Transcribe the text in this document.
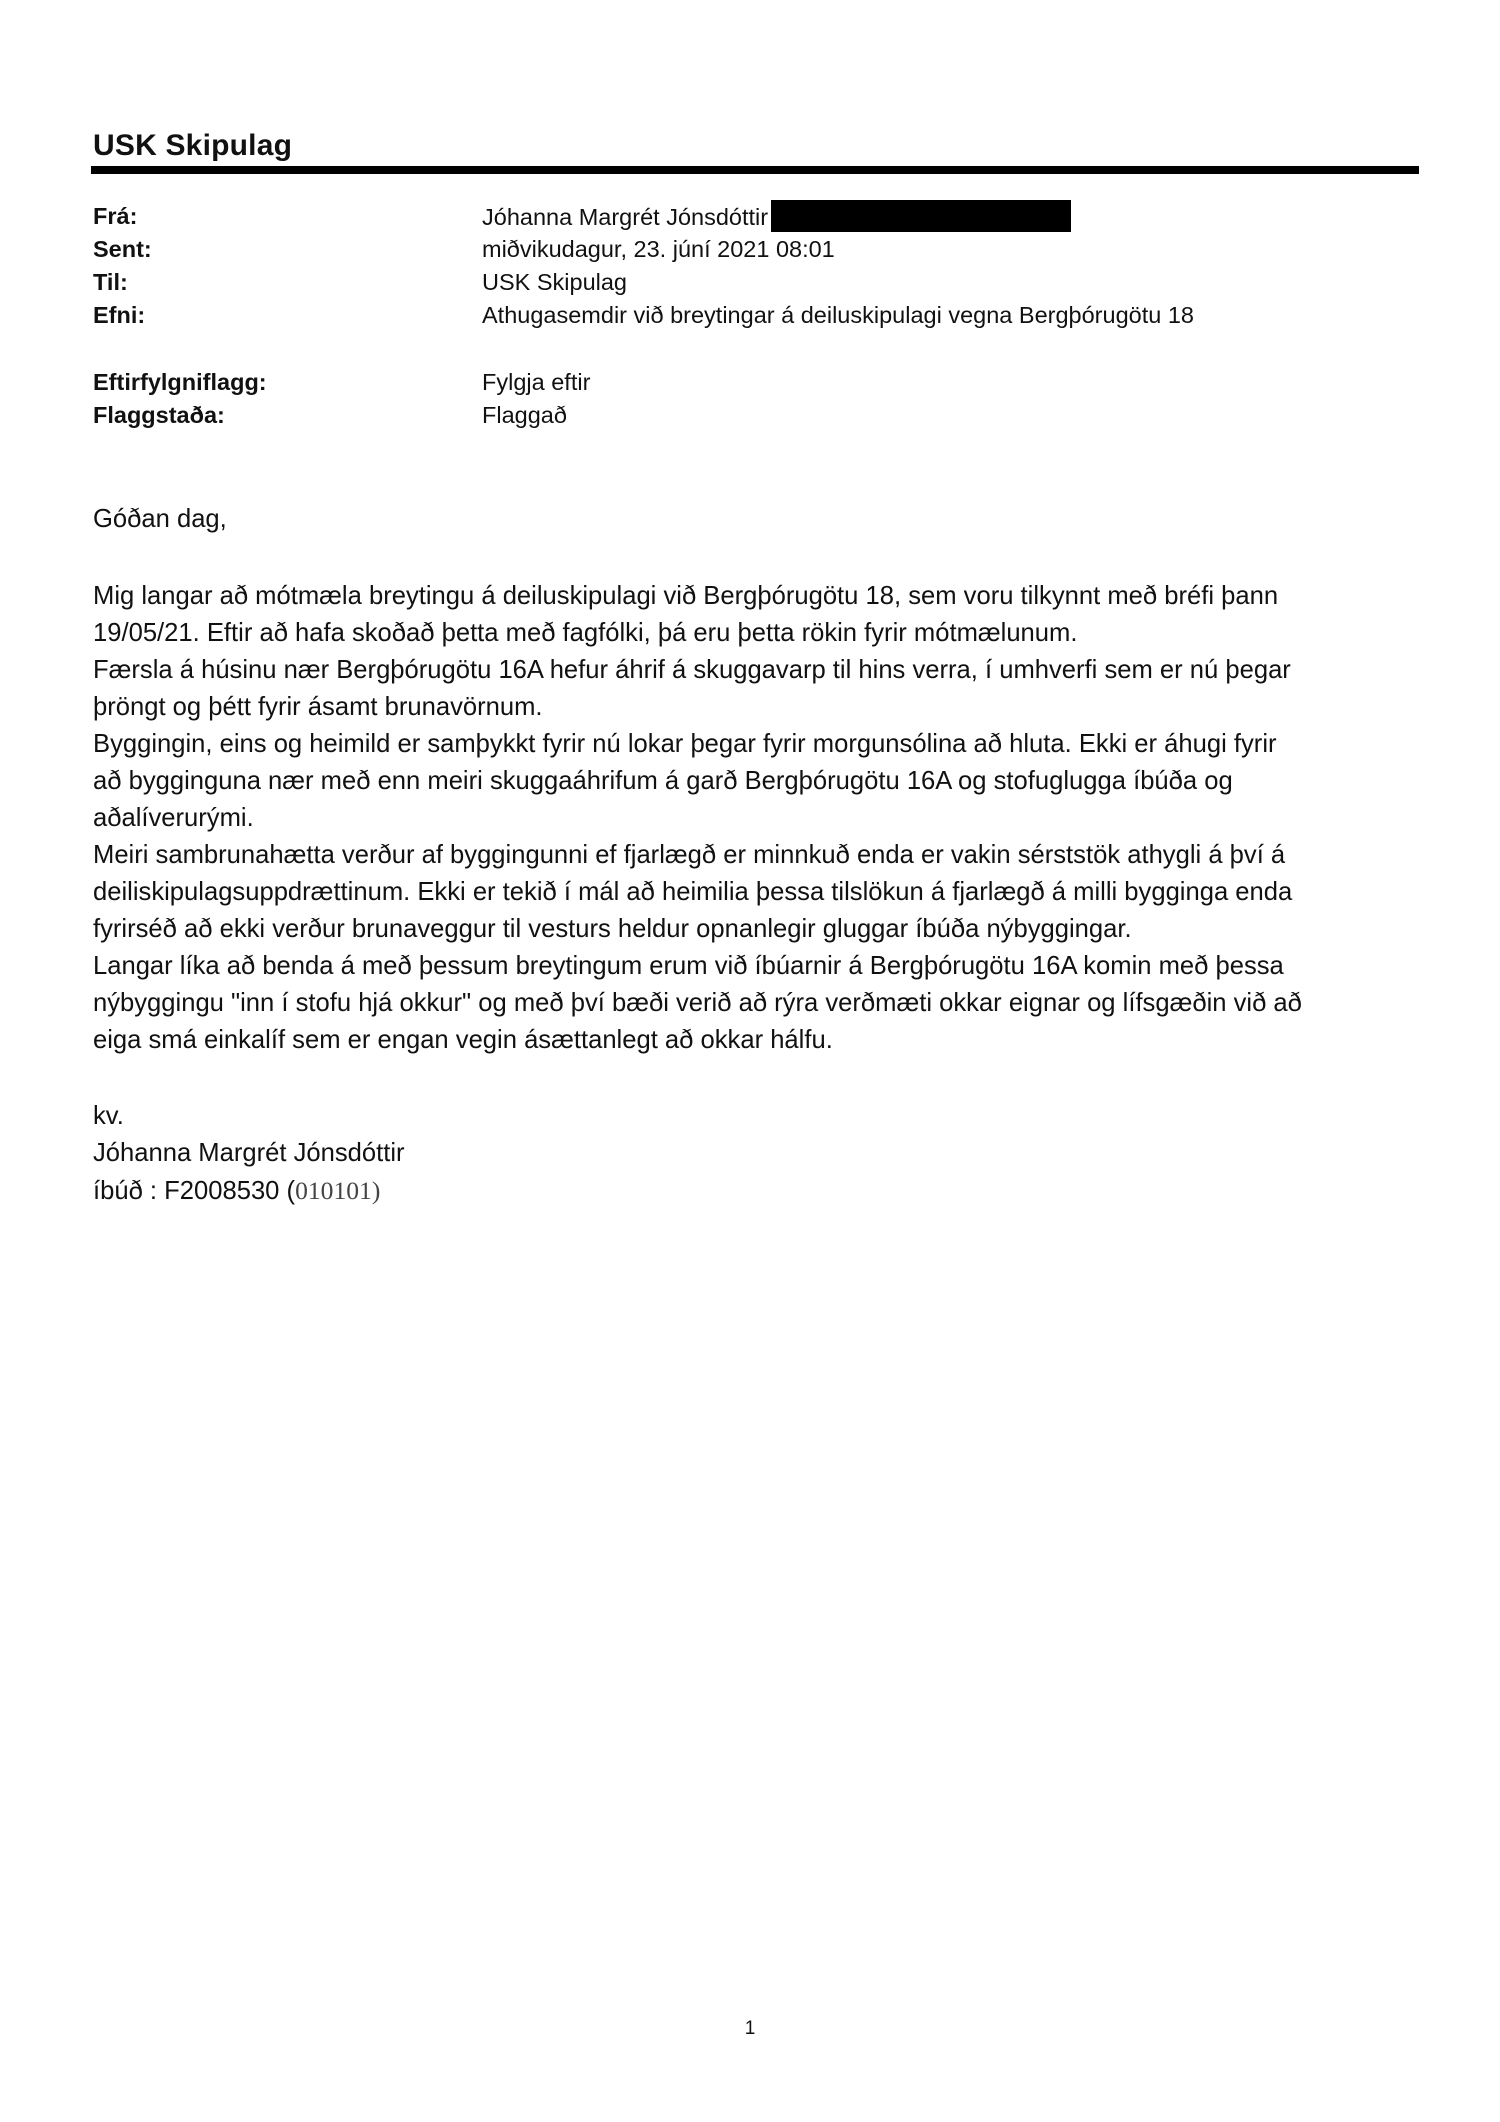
USK Skipulag
Frá:	Jóhanna Margrét Jónsdóttir
Sent:	miðvikudagur, 23. júní 2021 08:01
Til:	USK Skipulag
Efni:	Athugasemdir við breytingar á deiluskipulagi vegna Bergþórugötu 18
Eftirfylgniflagg:	Fylgja eftir
Flaggstaða:	Flaggað

Góðan dag,

Mig langar að mótmæla breytingu á deiluskipulagi við Bergþórugötu 18, sem voru tilkynnt með bréfi þann

19/05/21. Eftir að hafa skoðað þetta með fagfólki, þá eru þetta rökin fyrir mótmælunum.

Færsla á húsinu nær Bergþórugötu 16A hefur áhrif á skuggavarp til hins verra, í umhverfi sem er nú þegar

þröngt og þétt fyrir ásamt brunavörnum.

Byggingin, eins og heimild er samþykkt fyrir nú lokar þegar fyrir morgunsólina að hluta. Ekki er áhugi fyrir

að bygginguna nær með enn meiri skuggaáhrifum á garð Bergþórugötu 16A og stofuglugga íbúða og

aðalíverurými.

Meiri sambrunahætta verður af byggingunni ef fjarlægð er minnkuð enda er vakin sérststök athygli á því á

deiliskipulagsuppdrættinum. Ekki er tekið í mál að heimilia þessa tilslökun á fjarlægð á milli bygginga enda

fyrirséð að ekki verður brunaveggur til vesturs heldur opnanlegir gluggar íbúða nýbyggingar.

Langar líka að benda á með þessum breytingum erum við íbúarnir á Bergþórugötu 16A komin með þessa

nýbyggingu "inn í stofu hjá okkur" og með því bæði verið að rýra verðmæti okkar eignar og lífsgæðin við að

eiga smá einkalíf sem er engan vegin ásættanlegt að okkar hálfu.

kv.

Jóhanna Margrét Jónsdóttir

íbúð : F2008530 (010101)

1
